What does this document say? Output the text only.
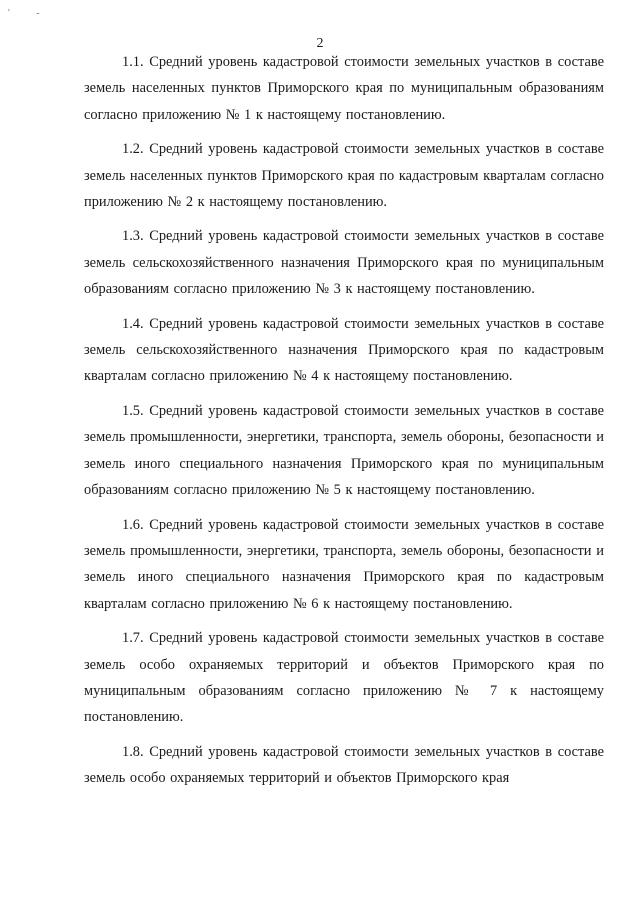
' ‑
2

1.1. Средний уровень кадастровой стоимости земельных участков в составе земель населенных пунктов Приморского края по муниципальным образованиям согласно приложению № 1 к настоящему постановлению.

1.2. Средний уровень кадастровой стоимости земельных участков в составе земель населенных пунктов Приморского края по кадастровым кварталам согласно приложению № 2 к настоящему постановлению.

1.3. Средний уровень кадастровой стоимости земельных участков в составе земель сельскохозяйственного назначения Приморского края по муниципальным образованиям согласно приложению № 3 к настоящему постановлению.

1.4. Средний уровень кадастровой стоимости земельных участков в составе земель сельскохозяйственного назначения Приморского края по кадастровым кварталам согласно приложению № 4 к настоящему постановлению.

1.5. Средний уровень кадастровой стоимости земельных участков в составе земель промышленности, энергетики, транспорта, земель обороны, безопасности и земель иного специального назначения Приморского края по муниципальным образованиям согласно приложению № 5 к настоящему постановлению.

1.6. Средний уровень кадастровой стоимости земельных участков в составе земель промышленности, энергетики, транспорта, земель обороны, безопасности и земель иного специального назначения Приморского края по кадастровым кварталам согласно приложению № 6 к настоящему постановлению.

1.7. Средний уровень кадастровой стоимости земельных участков в составе земель особо охраняемых территорий и объектов Приморского края по муниципальным образованиям согласно приложению № 7 к настоящему постановлению.

1.8. Средний уровень кадастровой стоимости земельных участков в составе земель особо охраняемых территорий и объектов Приморского края
